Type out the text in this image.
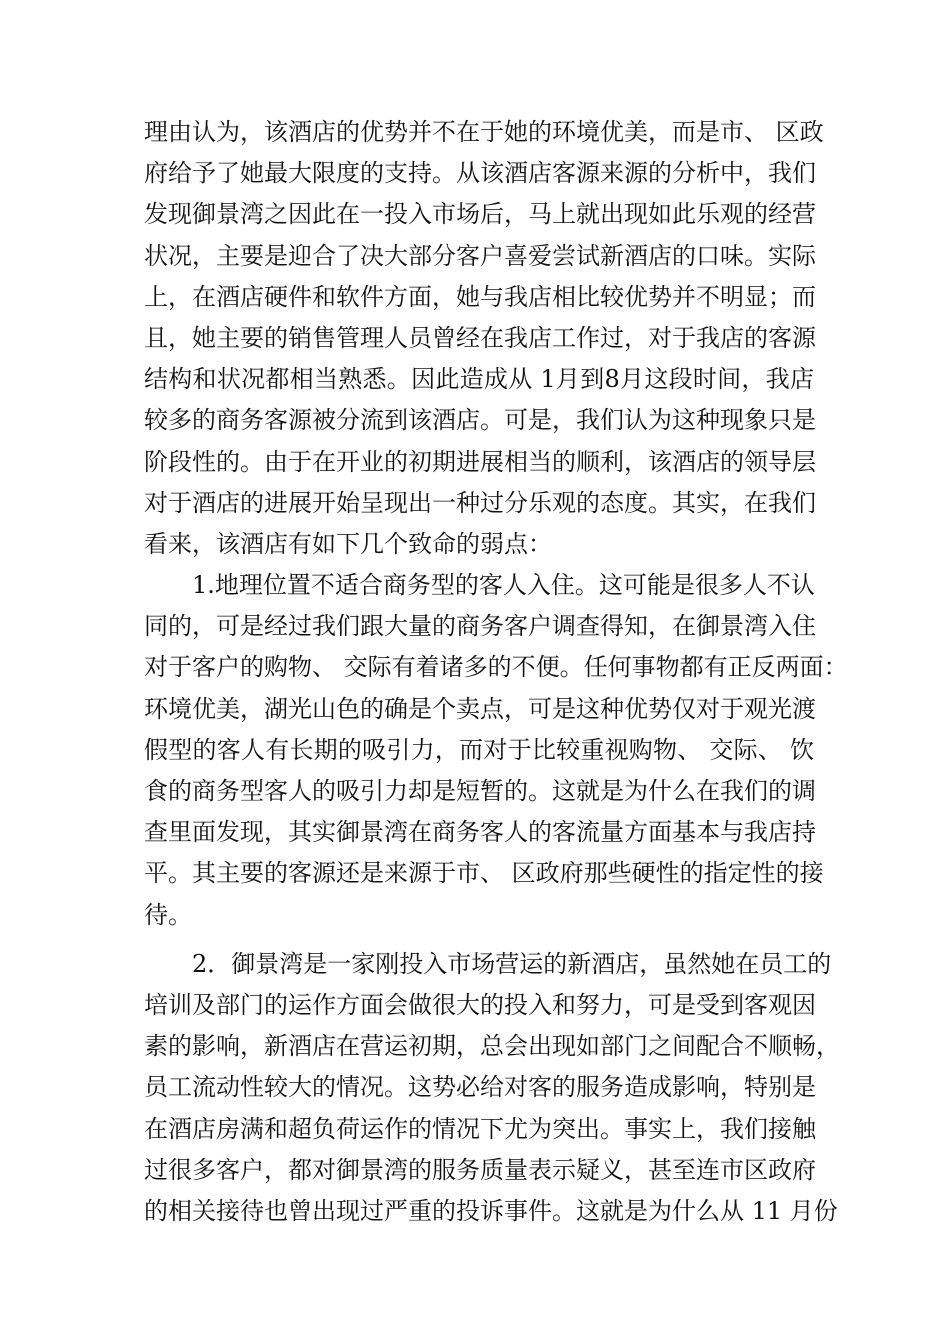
理由认为，该酒店的优势并不在于她的环境优美，而是市、 区政
府给予了她最大限度的支持。从该酒店客源来源的分析中，我们
发现御景湾之因此在一投入市场后，马上就出现如此乐观的经营
状况，主要是迎合了决大部分客户喜爱尝试新酒店的口味。实际
上，在酒店硬件和软件方面，她与我店相比较优势并不明显；而
且，她主要的销售管理人员曾经在我店工作过，对于我店的客源
结构和状况都相当熟悉。因此造成从 1月到8月这段时间，我店
较多的商务客源被分流到该酒店。可是，我们认为这种现象只是
阶段性的。由于在开业的初期进展相当的顺利，该酒店的领导层
对于酒店的进展开始呈现出一种过分乐观的态度。其实，在我们
看来，该酒店有如下几个致命的弱点：
1.地理位置不适合商务型的客人入住。这可能是很多人不认
同的，可是经过我们跟大量的商务客户调查得知，在御景湾入住
对于客户的购物、 交际有着诸多的不便。任何事物都有正反两面：
环境优美，湖光山色的确是个卖点，可是这种优势仅对于观光渡
假型的客人有长期的吸引力，而对于比较重视购物、 交际、 饮
食的商务型客人的吸引力却是短暂的。这就是为什么在我们的调
查里面发现，其实御景湾在商务客人的客流量方面基本与我店持
平。其主要的客源还是来源于市、 区政府那些硬性的指定性的接
待。
2．御景湾是一家刚投入市场营运的新酒店，虽然她在员工的
培训及部门的运作方面会做很大的投入和努力，可是受到客观因
素的影响，新酒店在营运初期，总会出现如部门之间配合不顺畅，
员工流动性较大的情况。这势必给对客的服务造成影响，特别是
在酒店房满和超负荷运作的情况下尤为突出。事实上，我们接触
过很多客户，都对御景湾的服务质量表示疑义，甚至连市区政府
的相关接待也曾出现过严重的投诉事件。这就是为什么从 11 月份
